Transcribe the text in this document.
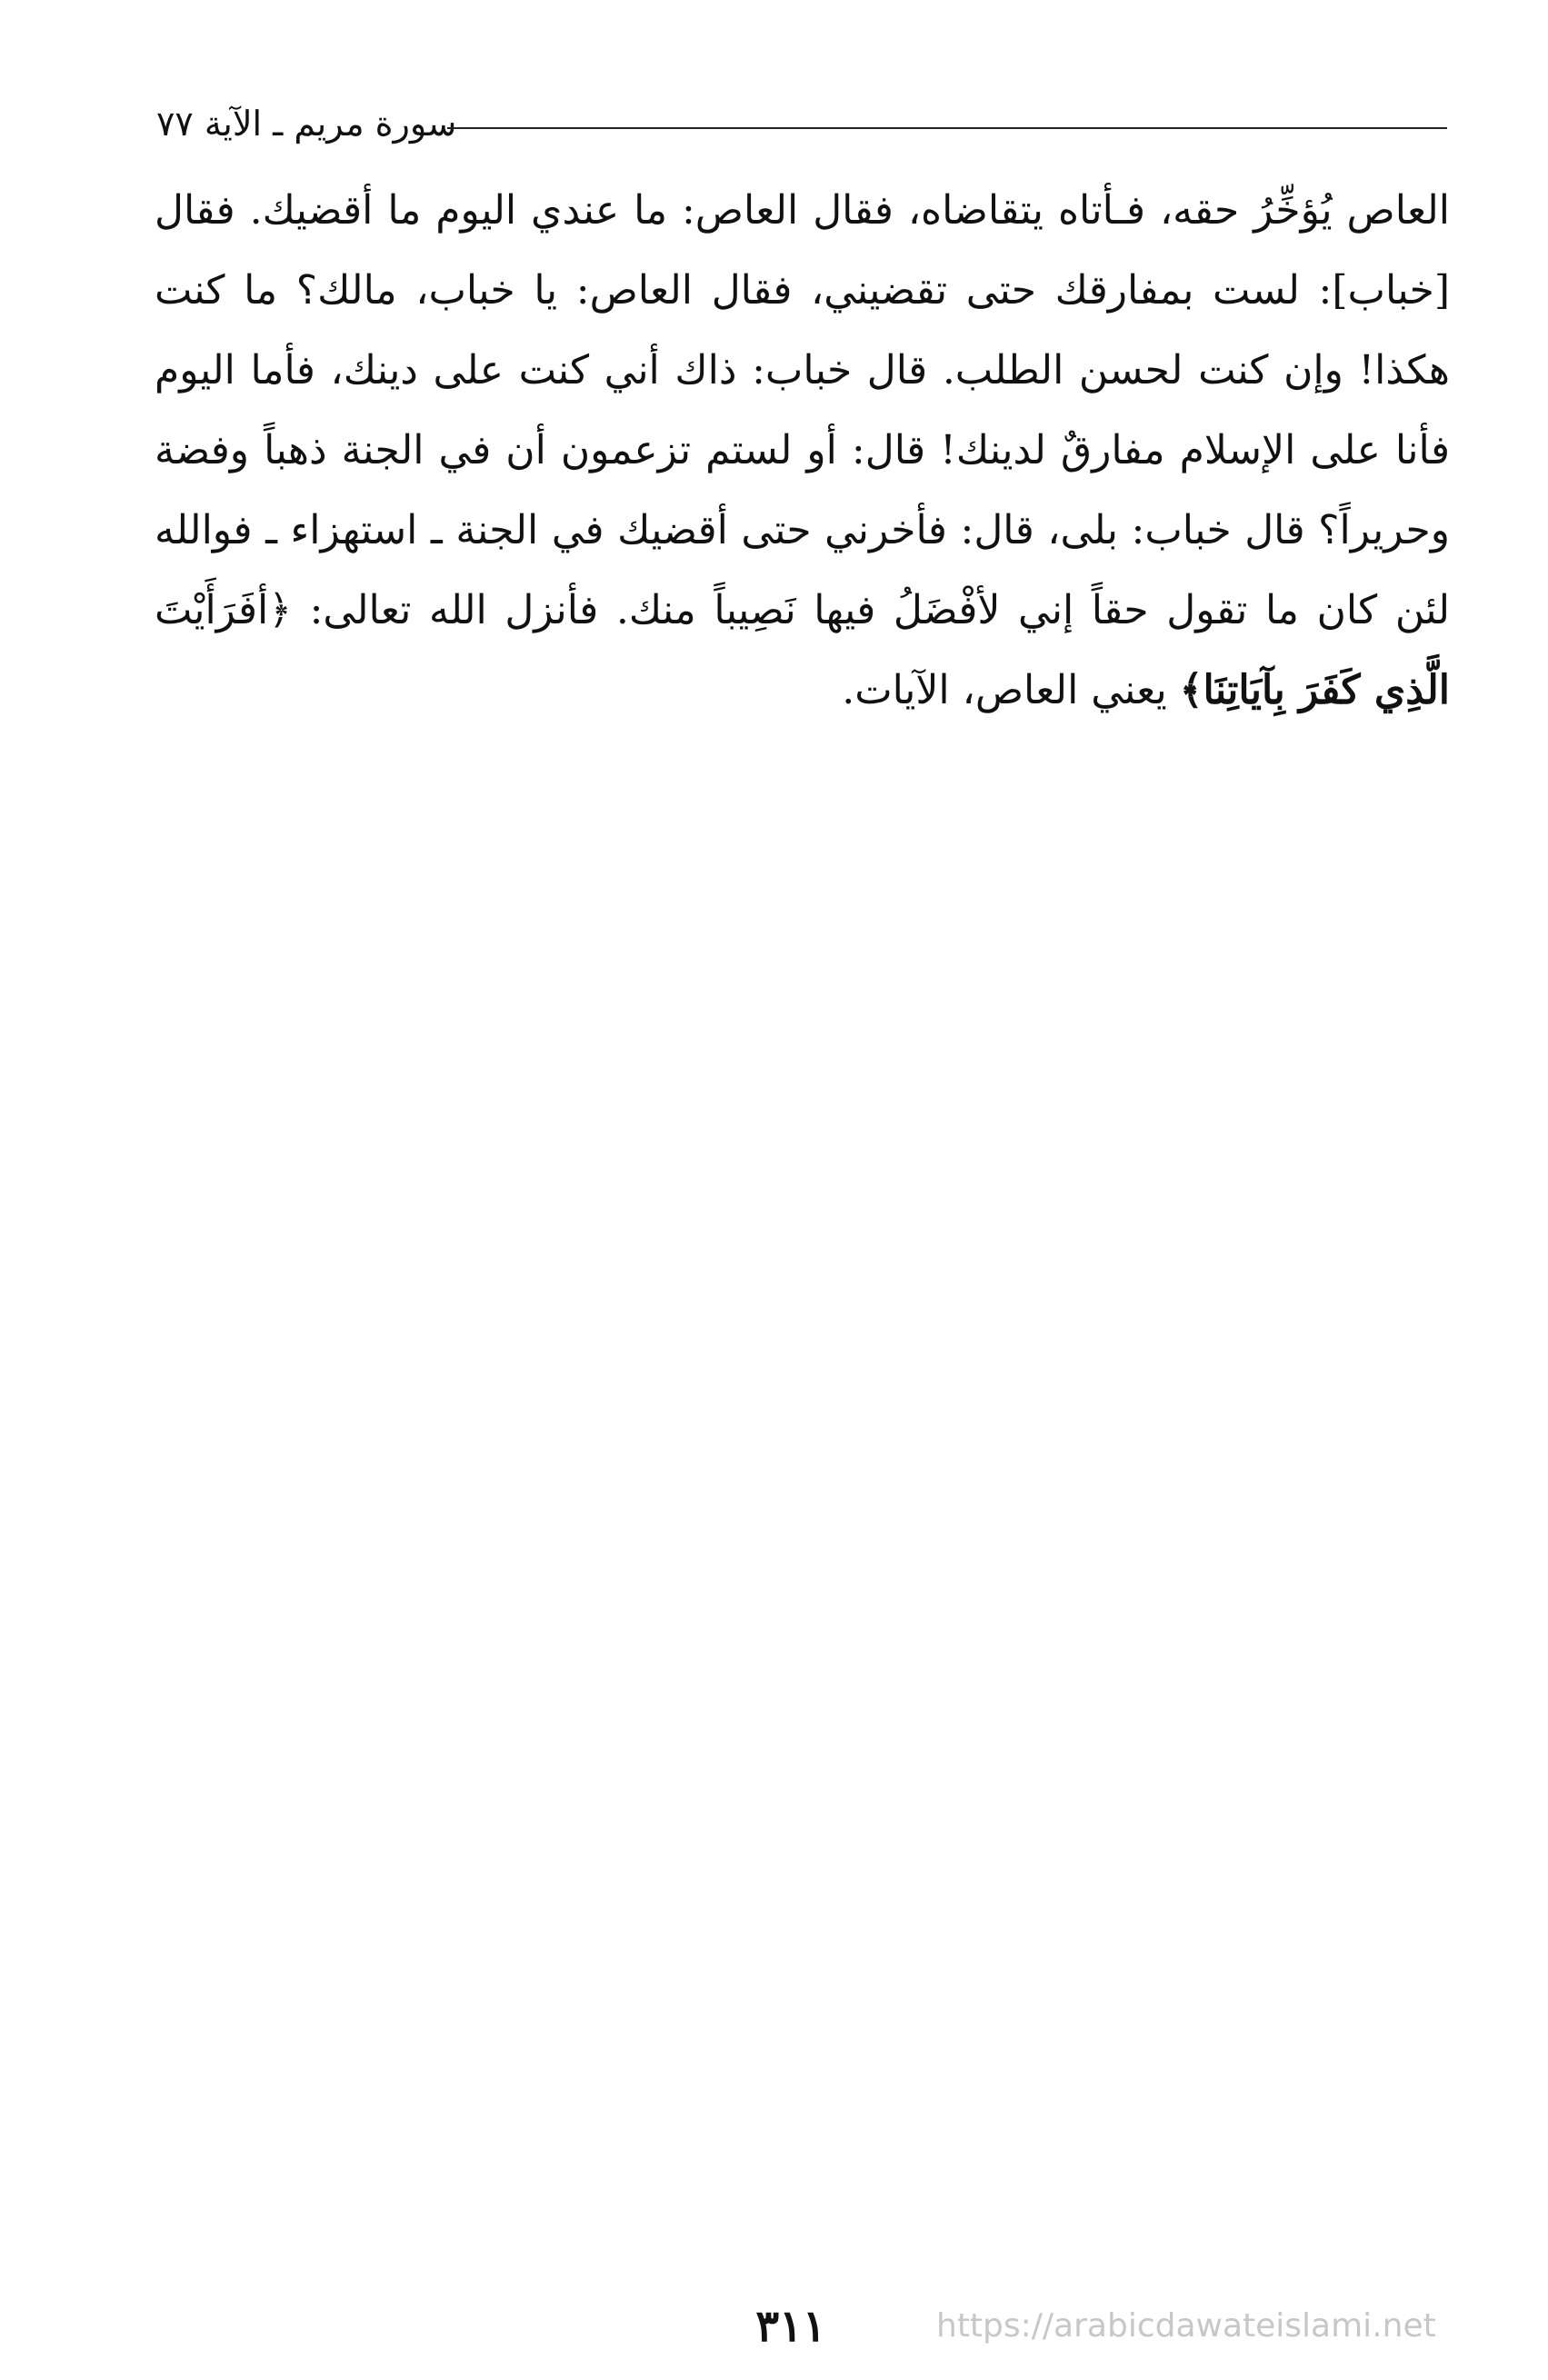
سورة مريم ـ الآية ٧٧
العاص يُؤخِّرُ حقه، فـأتاه يتقاضاه، فقال العاص: ما عندي اليوم ما أقضيك. فقال
[خباب]: لست بمفارقك حتى تقضيني، فقال العاص: يا خباب، مالك؟ ما كنت
هكذا! وإن كنت لحسن الطلب. قال خباب: ذاك أني كنت على دينك، فأما اليوم
فأنا على الإسلام مفارقٌ لدينك! قال: أو لستم تزعمون أن في الجنة ذهباً وفضة
وحريراً؟ قال خباب: بلى، قال: فأخرني حتى أقضيك في الجنة ـ استهزاء ـ فوالله
لئن كان ما تقول حقاً إني لأفْضَلُ فيها نَصِيباً منك. فأنزل الله تعالى: ﴿أفَرَأَيْتَ
الَّذِي كَفَرَ بِآيَاتِنَا﴾ يعني العاص، الآيات.
٣١١	https://arabicdawateislami.net
